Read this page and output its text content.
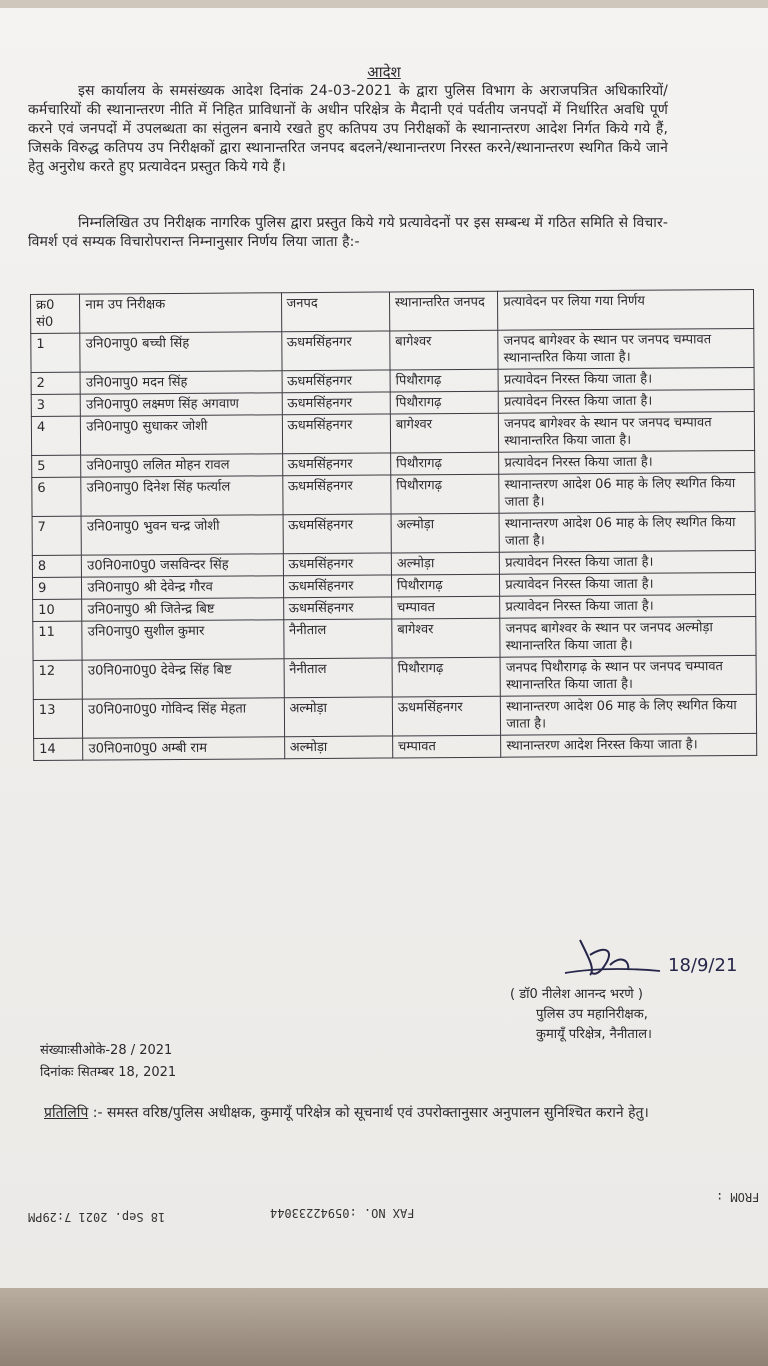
आदेश
इस कार्यालय के समसंख्यक आदेश दिनांक 24-03-2021 के द्वारा पुलिस विभाग के अराजपत्रित अधिकारियों/कर्मचारियों की स्थानान्तरण नीति में निहित प्राविधानों के अधीन परिक्षेत्र के मैदानी एवं पर्वतीय जनपदों में निर्धारित अवधि पूर्ण करने एवं जनपदों में उपलब्धता का संतुलन बनाये रखते हुए कतिपय उप निरीक्षकों के स्थानान्तरण आदेश निर्गत किये गये हैं, जिसके विरुद्ध कतिपय उप निरीक्षकों द्वारा स्थानान्तरित जनपद बदलने/स्थानान्तरण निरस्त करने/स्थानान्तरण स्थगित किये जाने हेतु अनुरोध करते हुए प्रत्यावेदन प्रस्तुत किये गये हैं।
निम्नलिखित उप निरीक्षक नागरिक पुलिस द्वारा प्रस्तुत किये गये प्रत्यावेदनों पर इस सम्बन्ध में गठित समिति से विचार-विमर्श एवं सम्यक विचारोपरान्त निम्नानुसार निर्णय लिया जाता है:-
क्र0 सं0	नाम उप निरीक्षक	जनपद	स्थानान्तरित जनपद	प्रत्यावेदन पर लिया गया निर्णय
1	उनि0नापु0 बच्ची सिंह	ऊधमसिंहनगर	बागेश्वर	जनपद बागेश्वर के स्थान पर जनपद चम्पावत स्थानान्तरित किया जाता है।
2	उनि0नापु0 मदन सिंह	ऊधमसिंहनगर	पिथौरागढ़	प्रत्यावेदन निरस्त किया जाता है।
3	उनि0नापु0 लक्ष्मण सिंह अगवाण	ऊधमसिंहनगर	पिथौरागढ़	प्रत्यावेदन निरस्त किया जाता है।
4	उनि0नापु0 सुधाकर जोशी	ऊधमसिंहनगर	बागेश्वर	जनपद बागेश्वर के स्थान पर जनपद चम्पावत स्थानान्तरित किया जाता है।
5	उनि0नापु0 ललित मोहन रावल	ऊधमसिंहनगर	पिथौरागढ़	प्रत्यावेदन निरस्त किया जाता है।
6	उनि0नापु0 दिनेश सिंह फर्त्याल	ऊधमसिंहनगर	पिथौरागढ़	स्थानान्तरण आदेश 06 माह के लिए स्थगित किया जाता है।
7	उनि0नापु0 भुवन चन्द्र जोशी	ऊधमसिंहनगर	अल्मोड़ा	स्थानान्तरण आदेश 06 माह के लिए स्थगित किया जाता है।
8	उ0नि0ना0पु0 जसविन्दर सिंह	ऊधमसिंहनगर	अल्मोड़ा	प्रत्यावेदन निरस्त किया जाता है।
9	उनि0नापु0 श्री देवेन्द्र गौरव	ऊधमसिंहनगर	पिथौरागढ़	प्रत्यावेदन निरस्त किया जाता है।
10	उनि0नापु0 श्री जितेन्द्र बिष्ट	ऊधमसिंहनगर	चम्पावत	प्रत्यावेदन निरस्त किया जाता है।
11	उनि0नापु0 सुशील कुमार	नैनीताल	बागेश्वर	जनपद बागेश्वर के स्थान पर जनपद अल्मोड़ा स्थानान्तरित किया जाता है।
12	उ0नि0ना0पु0 देवेन्द्र सिंह बिष्ट	नैनीताल	पिथौरागढ़	जनपद पिथौरागढ़ के स्थान पर जनपद चम्पावत स्थानान्तरित किया जाता है।
13	उ0नि0ना0पु0 गोविन्द सिंह मेहता	अल्मोड़ा	ऊधमसिंहनगर	स्थानान्तरण आदेश 06 माह के लिए स्थगित किया जाता है।
14	उ0नि0ना0पु0 अम्बी राम	अल्मोड़ा	चम्पावत	स्थानान्तरण आदेश निरस्त किया जाता है।
18/9/21
( डॉ0 नीलेश आनन्द भरणे )
पुलिस उप महानिरीक्षक,
कुमायूँ परिक्षेत्र, नैनीताल।
संख्याःसीओके-28 / 2021
दिनांकः सितम्बर 18, 2021
प्रतिलिपि :- समस्त वरिष्ठ/पुलिस अधीक्षक, कुमायूँ परिक्षेत्र को सूचनार्थ एवं उपरोक्तानुसार अनुपालन सुनिश्चित कराने हेतु।
18 Sep. 2021 7:29PM	FAX NO. :05942233044
FROM :
